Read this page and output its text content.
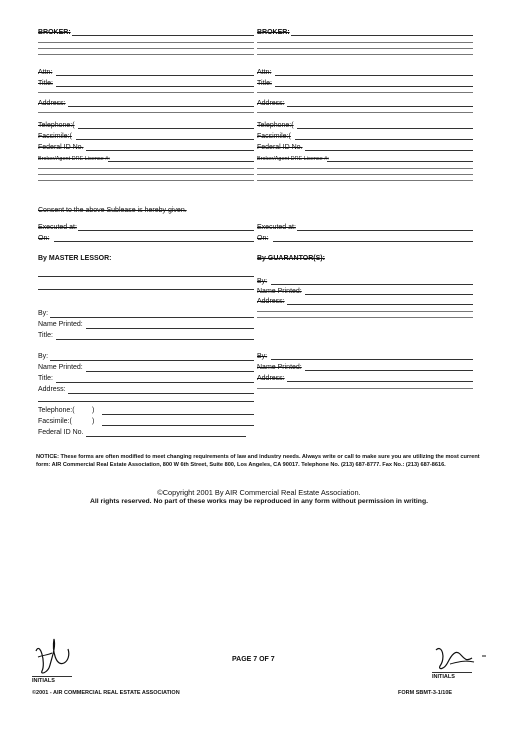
BROKER:
Attn:
Title:
Address:
Telephone:(
Facsimile:(
Federal ID No.
Broker/Agent DRE License #:
BROKER:
Attn:
Title:
Address:
Telephone:(
Facsimile:(
Federal ID No.
Broker/Agent DRE License #:
Consent to the above Sublease is hereby given.
Executed at:
On:
Executed at:
On:
By MASTER LESSOR:
By:
Name Printed:
Title:
By:
Name Printed:
Title:
Address:
Telephone:( )
Facsimile:(	)
Federal ID No.
By GUARANTOR(S):
By:
Name Printed:
Address:
By:
Name Printed:
Address:
NOTICE: These forms are often modified to meet changing requirements of law and industry needs. Always write or call to make sure you are utilizing the most current form: AIR Commercial Real Estate Association, 800 W 6th Street, Suite 800, Los Angeles, CA 90017. Telephone No. (213) 687-8777. Fax No.: (213) 687-8616.
©Copyright 2001 By AIR Commercial Real Estate Association.
All rights reserved. No part of these works may be reproduced in any form without permission in writing.
INITIALS
PAGE 7 OF 7
INITIALS
©2001 - AIR COMMERCIAL REAL ESTATE ASSOCIATION	FORM SBMT-3-1/10E
